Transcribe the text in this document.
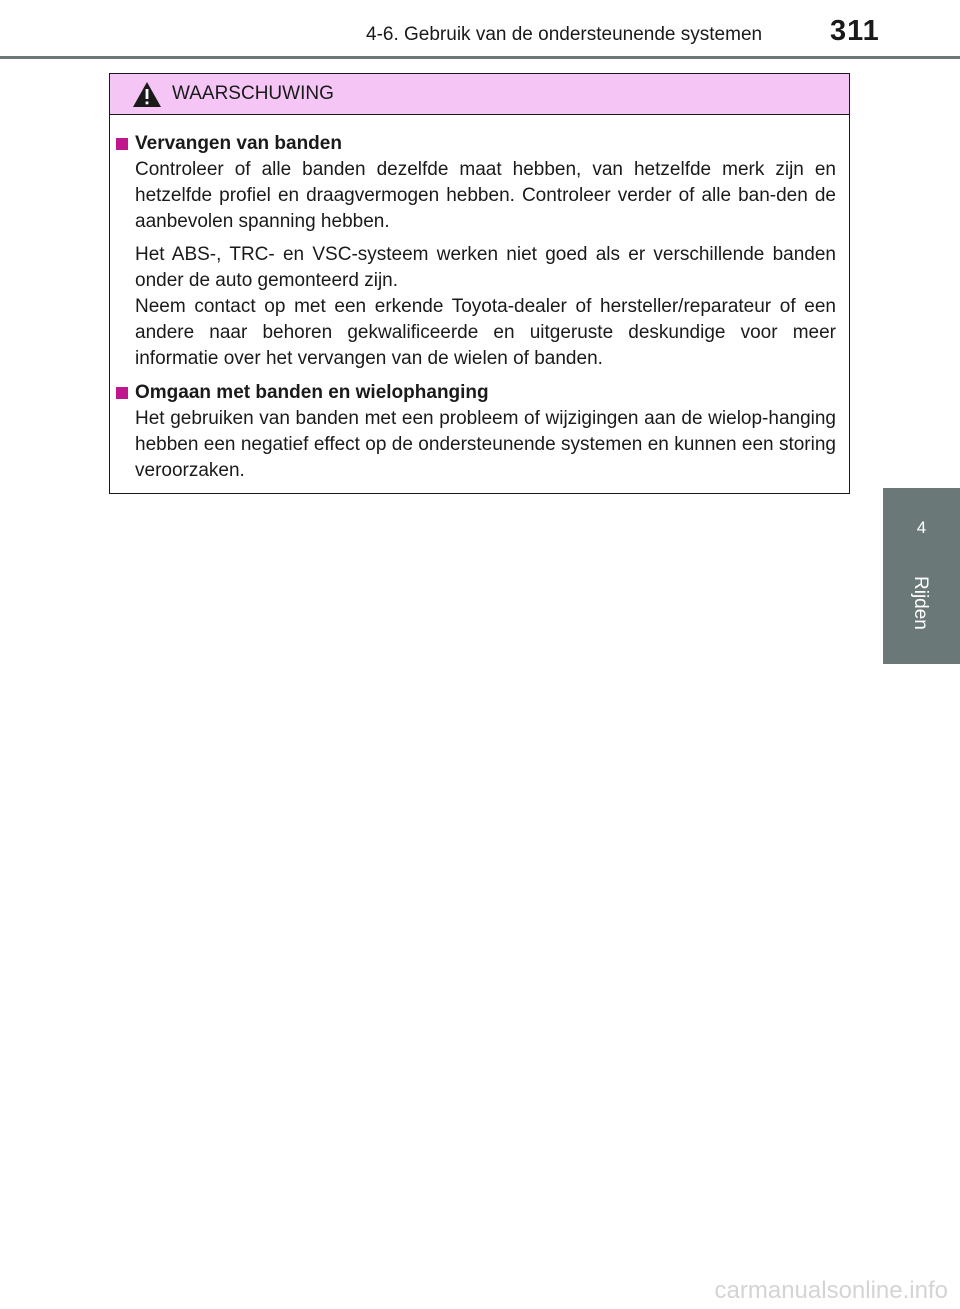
4-6. Gebruik van de ondersteunende systemen 311
4
Rijden
WAARSCHUWING
Vervangen van banden

Controleer of alle banden dezelfde maat hebben, van hetzelfde merk zijn en hetzelfde profiel en draagvermogen hebben. Controleer verder of alle ban-den de aanbevolen spanning hebben.

Het ABS-, TRC- en VSC-systeem werken niet goed als er verschillende banden onder de auto gemonteerd zijn.

Neem contact op met een erkende Toyota-dealer of hersteller/reparateur of een andere naar behoren gekwalificeerde en uitgeruste deskundige voor meer informatie over het vervangen van de wielen of banden.

Omgaan met banden en wielophanging

Het gebruiken van banden met een probleem of wijzigingen aan de wielop-hanging hebben een negatief effect op de ondersteunende systemen en kunnen een storing veroorzaken.

carmanualsonline.info
